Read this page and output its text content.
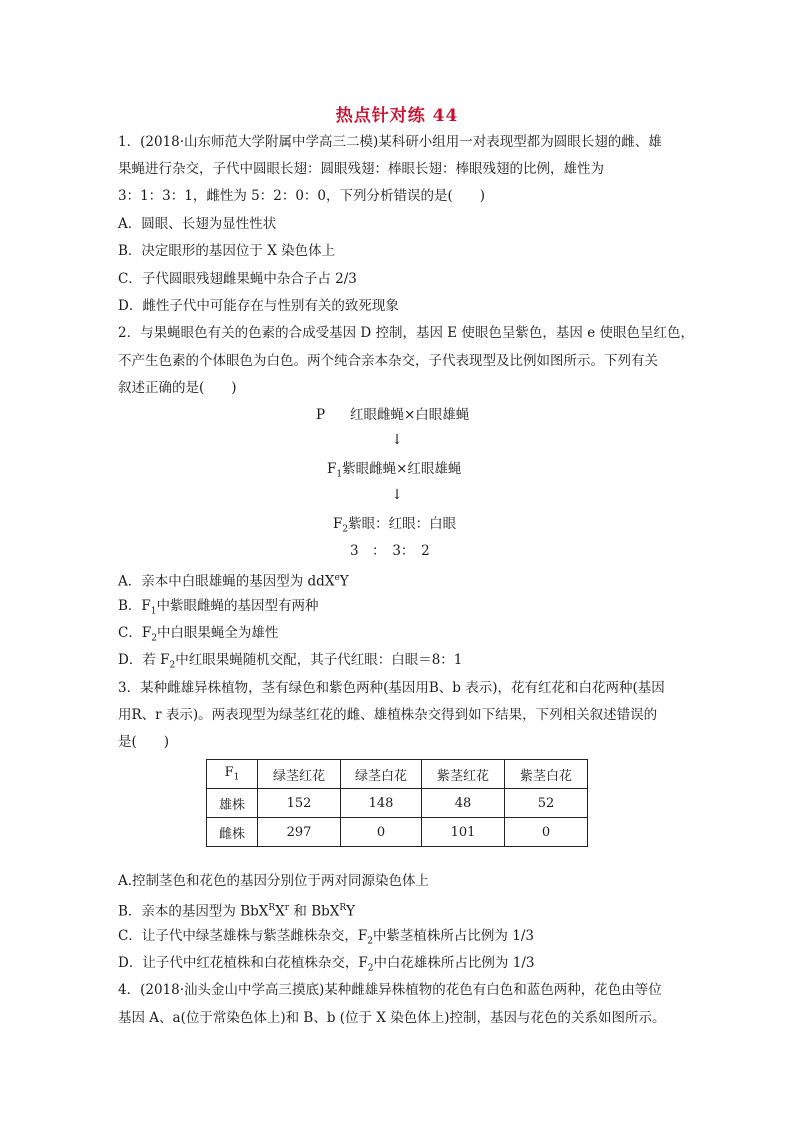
热点针对练 44
1．(2018·山东师范大学附属中学高三二模)某科研小组用一对表现型都为圆眼长翅的雌、雄
果蝇进行杂交，子代中圆眼长翅：圆眼残翅：棒眼长翅：棒眼残翅的比例，雄性为
3：1：3：1，雌性为 5：2：0：0，下列分析错误的是(　　)
A．圆眼、长翅为显性性状
B．决定眼形的基因位于 X 染色体上
C．子代圆眼残翅雌果蝇中杂合子占 2/3
D．雌性子代中可能存在与性别有关的致死现象
2．与果蝇眼色有关的色素的合成受基因 D 控制，基因 E 使眼色呈紫色，基因 e 使眼色呈红色，
不产生色素的个体眼色为白色。两个纯合亲本杂交，子代表现型及比例如图所示。下列有关
叙述正确的是(　　)
P 红眼雌蝇×白眼雄蝇
↓
$F_1$紫眼雌蝇×红眼雄蝇
↓
$F_2$紫眼：红眼：白眼
3　：　3：　2
A．亲本中白眼雄蝇的基因型为 ddX$^e$Y
B．$F_1$中紫眼雌蝇的基因型有两种
C．$F_2$中白眼果蝇全为雄性
D．若 $F_2$中红眼果蝇随机交配，其子代红眼：白眼＝8：1
3．某种雌雄异株植物，茎有绿色和紫色两种(基因用B、b 表示)，花有红花和白花两种(基因
用R、r 表示)。两表现型为绿茎红花的雌、雄植株杂交得到如下结果，下列相关叙述错误的
是(　　)
$F_1$	绿茎红花	绿茎白花	紫茎红花	紫茎白花
雄株	152	148	48	52
雌株	297	0	101	0
A.控制茎色和花色的基因分别位于两对同源染色体上
B．亲本的基因型为 $BbX^RX^r$ 和 BbX$^R$Y
C．让子代中绿茎雄株与紫茎雌株杂交，$F_2$中紫茎植株所占比例为 1/3
D．让子代中红花植株和白花植株杂交，$F_2$中白花雄株所占比例为 1/3
4．(2018·汕头金山中学高三摸底)某种雌雄异株植物的花色有白色和蓝色两种，花色由等位
基因 A、a(位于常染色体上)和 B、b (位于 X 染色体上)控制，基因与花色的关系如图所示。
